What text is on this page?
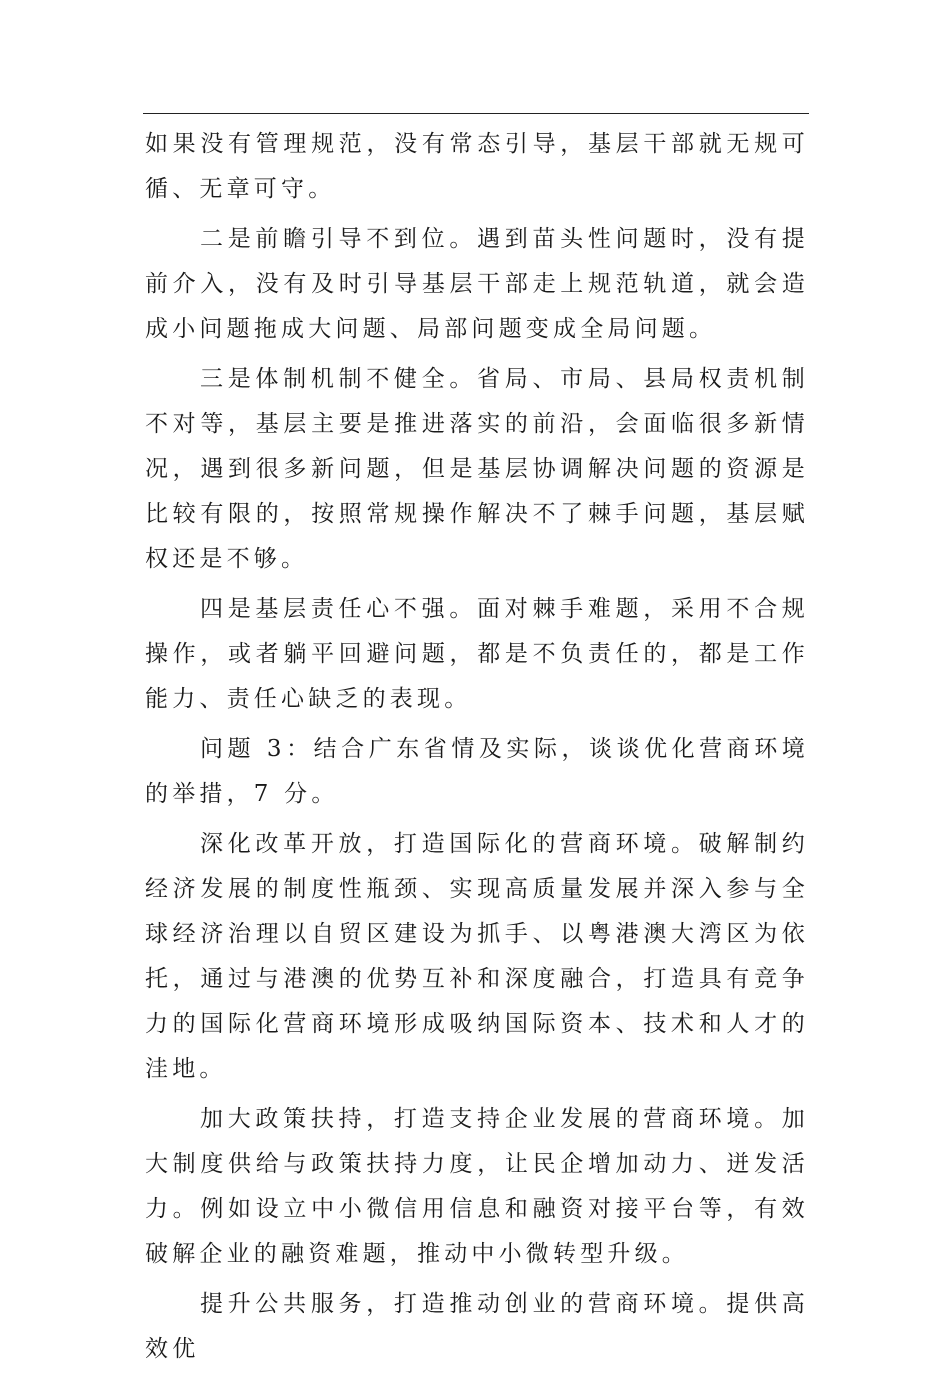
如果没有管理规范，没有常态引导，基层干部就无规可循、无章可守。

二是前瞻引导不到位。遇到苗头性问题时，没有提前介入，没有及时引导基层干部走上规范轨道，就会造成小问题拖成大问题、局部问题变成全局问题。

三是体制机制不健全。省局、市局、县局权责机制不对等，基层主要是推进落实的前沿，会面临很多新情况，遇到很多新问题，但是基层协调解决问题的资源是比较有限的，按照常规操作解决不了棘手问题，基层赋权还是不够。

四是基层责任心不强。面对棘手难题，采用不合规操作，或者躺平回避问题，都是不负责任的，都是工作能力、责任心缺乏的表现。

问题 3：结合广东省情及实际，谈谈优化营商环境的举措，7 分。

深化改革开放，打造国际化的营商环境。破解制约经济发展的制度性瓶颈、实现高质量发展并深入参与全球经济治理以自贸区建设为抓手、以粤港澳大湾区为依托，通过与港澳的优势互补和深度融合，打造具有竞争力的国际化营商环境形成吸纳国际资本、技术和人才的洼地。

加大政策扶持，打造支持企业发展的营商环境。加大制度供给与政策扶持力度，让民企增加动力、迸发活力。例如设立中小微信用信息和融资对接平台等，有效破解企业的融资难题，推动中小微转型升级。

提升公共服务，打造推动创业的营商环境。提供高效优
